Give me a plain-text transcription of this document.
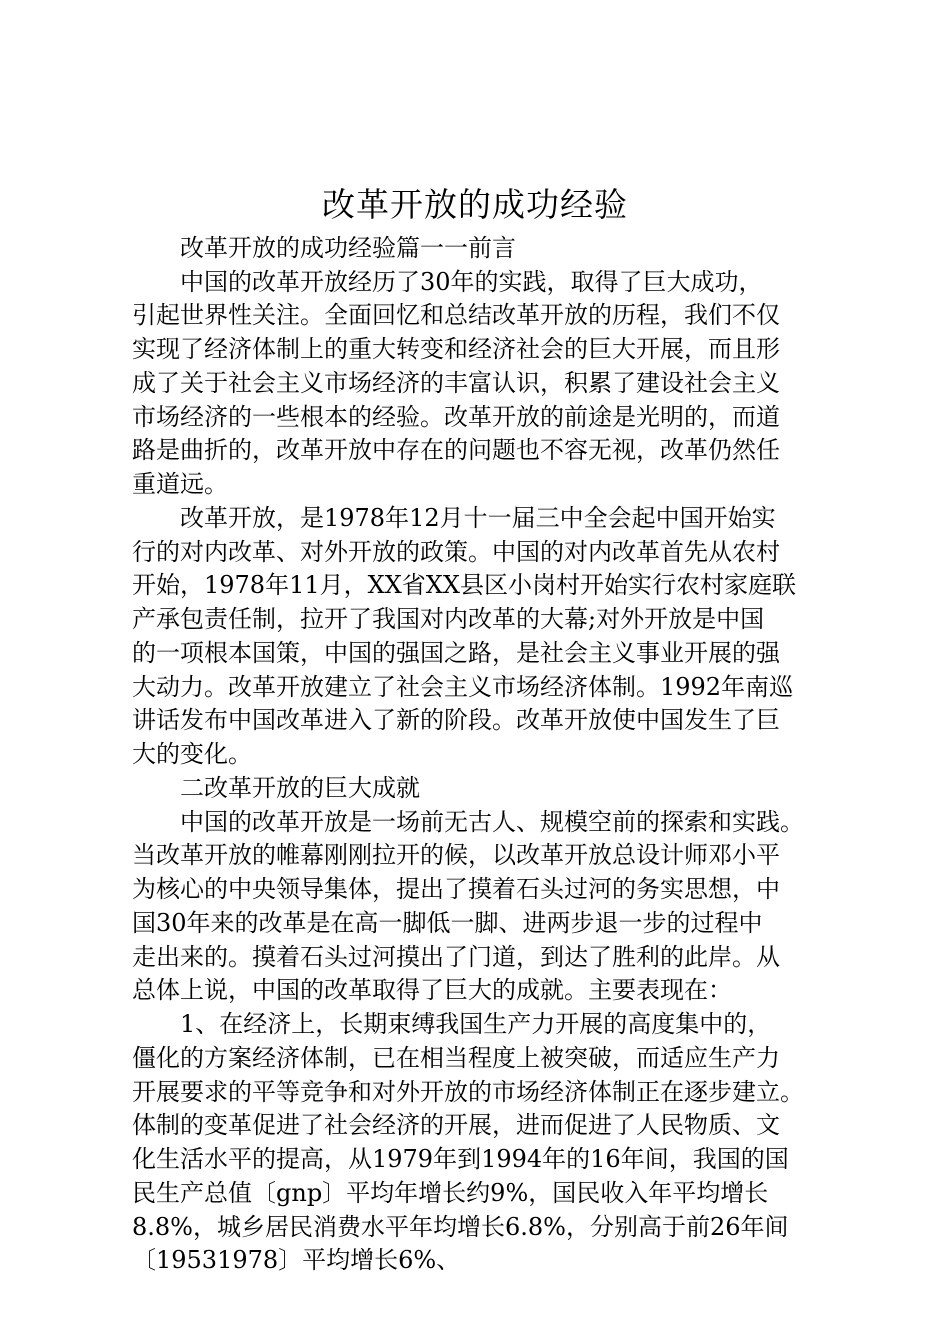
改革开放的成功经验
　　改革开放的成功经验篇一一前言
　　中国的改革开放经历了30年的实践，取得了巨大成功，
引起世界性关注。全面回忆和总结改革开放的历程，我们不仅
实现了经济体制上的重大转变和经济社会的巨大开展，而且形
成了关于社会主义市场经济的丰富认识，积累了建设社会主义
市场经济的一些根本的经验。改革开放的前途是光明的，而道
路是曲折的，改革开放中存在的问题也不容无视，改革仍然任
重道远。
　　改革开放，是1978年12月十一届三中全会起中国开始实
行的对内改革、对外开放的政策。中国的对内改革首先从农村
开始，1978年11月，XX省XX县区小岗村开始实行农村家庭联
产承包责任制，拉开了我国对内改革的大幕;对外开放是中国
的一项根本国策，中国的强国之路，是社会主义事业开展的强
大动力。改革开放建立了社会主义市场经济体制。1992年南巡
讲话发布中国改革进入了新的阶段。改革开放使中国发生了巨
大的变化。
　　二改革开放的巨大成就
　　中国的改革开放是一场前无古人、规模空前的探索和实践。
当改革开放的帷幕刚刚拉开的候，以改革开放总设计师邓小平
为核心的中央领导集体，提出了摸着石头过河的务实思想，中
国30年来的改革是在高一脚低一脚、进两步退一步的过程中
走出来的。摸着石头过河摸出了门道，到达了胜利的此岸。从
总体上说，中国的改革取得了巨大的成就。主要表现在：
　　1、在经济上，长期束缚我国生产力开展的高度集中的，
僵化的方案经济体制，已在相当程度上被突破，而适应生产力
开展要求的平等竞争和对外开放的市场经济体制正在逐步建立。
体制的变革促进了社会经济的开展，进而促进了人民物质、文
化生活水平的提高，从1979年到1994年的16年间，我国的国
民生产总值〔gnp〕平均年增长约9%，国民收入年平均增长
8.8%，城乡居民消费水平年均增长6.8%，分别高于前26年间
〔19531978〕平均增长6%、
